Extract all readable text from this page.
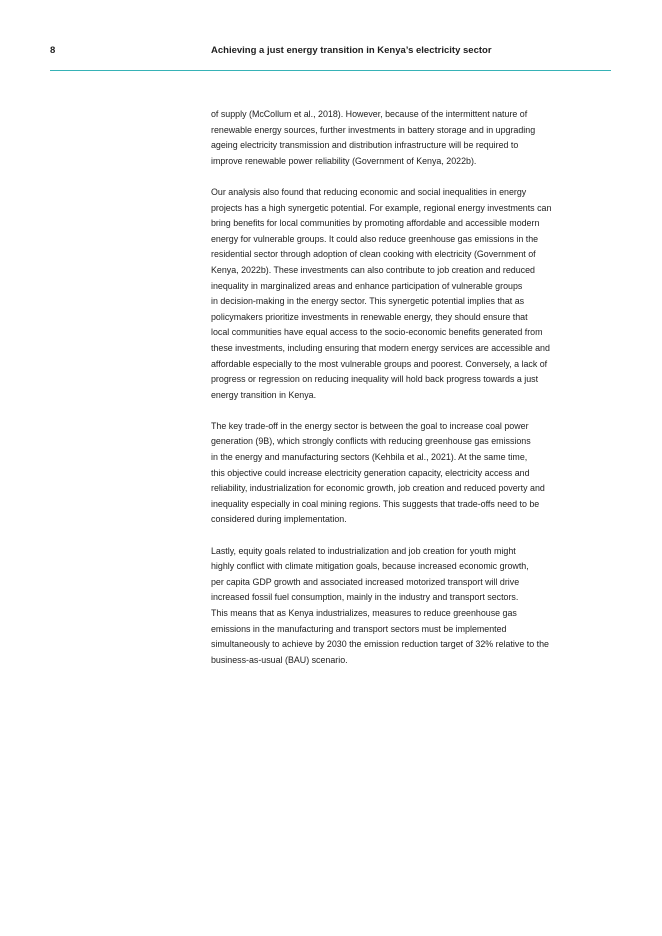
8	Achieving a just energy transition in Kenya’s electricity sector
of supply (McCollum et al., 2018). However, because of the intermittent nature of
renewable energy sources, further investments in battery storage and in upgrading
ageing electricity transmission and distribution infrastructure will be required to
improve renewable power reliability (Government of Kenya, 2022b).
Our analysis also found that reducing economic and social inequalities in energy
projects has a high synergetic potential. For example, regional energy investments can
bring benefits for local communities by promoting affordable and accessible modern
energy for vulnerable groups. It could also reduce greenhouse gas emissions in the
residential sector through adoption of clean cooking with electricity (Government of
Kenya, 2022b). These investments can also contribute to job creation and reduced
inequality in marginalized areas and enhance participation of vulnerable groups
in decision-making in the energy sector. This synergetic potential implies that as
policymakers prioritize investments in renewable energy, they should ensure that
local communities have equal access to the socio-economic benefits generated from
these investments, including ensuring that modern energy services are accessible and
affordable especially to the most vulnerable groups and poorest. Conversely, a lack of
progress or regression on reducing inequality will hold back progress towards a just
energy transition in Kenya.
The key trade-off in the energy sector is between the goal to increase coal power
generation (9B), which strongly conflicts with reducing greenhouse gas emissions
in the energy and manufacturing sectors (Kehbila et al., 2021). At the same time,
this objective could increase electricity generation capacity, electricity access and
reliability, industrialization for economic growth, job creation and reduced poverty and
inequality especially in coal mining regions. This suggests that trade-offs need to be
considered during implementation.
Lastly, equity goals related to industrialization and job creation for youth might
highly conflict with climate mitigation goals, because increased economic growth,
per capita GDP growth and associated increased motorized transport will drive
increased fossil fuel consumption, mainly in the industry and transport sectors.
This means that as Kenya industrializes, measures to reduce greenhouse gas
emissions in the manufacturing and transport sectors must be implemented
simultaneously to achieve by 2030 the emission reduction target of 32% relative to the
business-as-usual (BAU) scenario.
